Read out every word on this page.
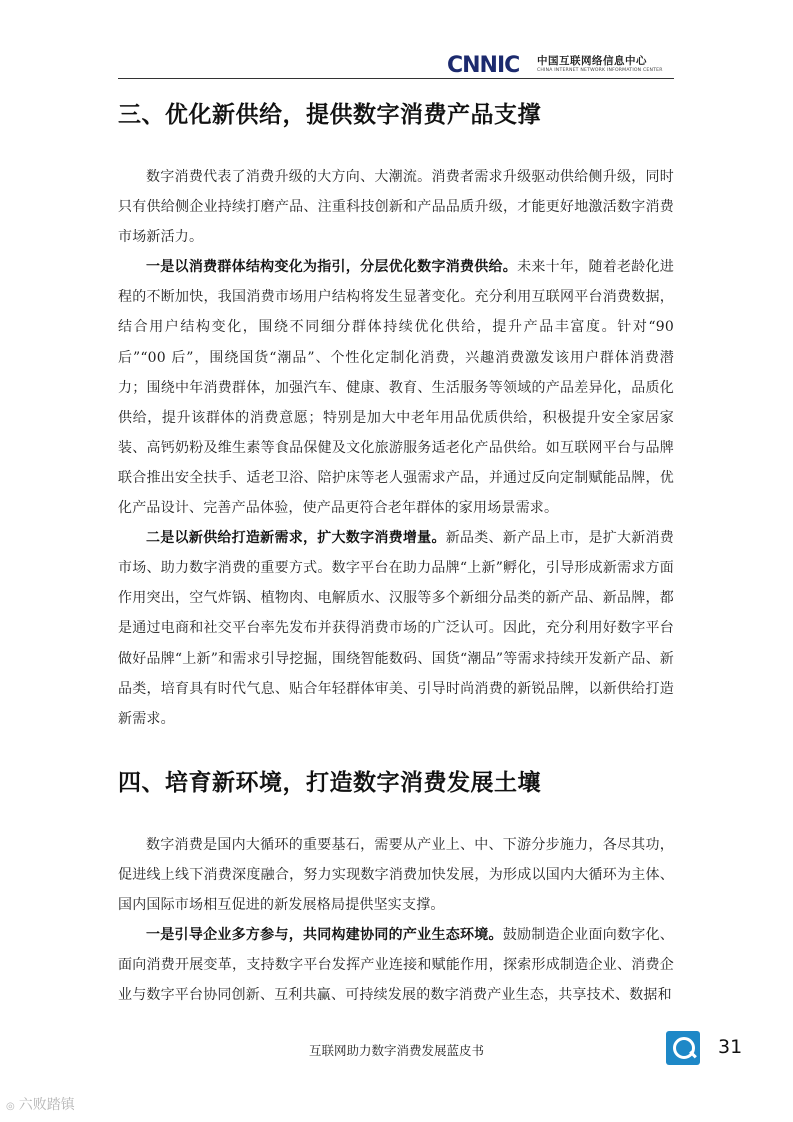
CNNIC 中国互联网络信息中心
CHINA INTERNET NETWORK INFORMATION CENTER
三、优化新供给，提供数字消费产品支撑

数字消费代表了消费升级的大方向、大潮流。消费者需求升级驱动供给侧升级，同时只有供给侧企业持续打磨产品、注重科技创新和产品品质升级，才能更好地激活数字消费市场新活力。

一是以消费群体结构变化为指引，分层优化数字消费供给。未来十年，随着老龄化进程的不断加快，我国消费市场用户结构将发生显著变化。充分利用互联网平台消费数据，结合用户结构变化，围绕不同细分群体持续优化供给，提升产品丰富度。针对“90 后”“00 后”，围绕国货“潮品”、个性化定制化消费，兴趣消费激发该用户群体消费潜力；围绕中年消费群体，加强汽车、健康、教育、生活服务等领域的产品差异化，品质化供给，提升该群体的消费意愿；特别是加大中老年用品优质供给，积极提升安全家居家装、高钙奶粉及维生素等食品保健及文化旅游服务适老化产品供给。如互联网平台与品牌联合推出安全扶手、适老卫浴、陪护床等老人强需求产品，并通过反向定制赋能品牌，优化产品设计、完善产品体验，使产品更符合老年群体的家用场景需求。

二是以新供给打造新需求，扩大数字消费增量。新品类、新产品上市，是扩大新消费市场、助力数字消费的重要方式。数字平台在助力品牌“上新”孵化，引导形成新需求方面作用突出，空气炸锅、植物肉、电解质水、汉服等多个新细分品类的新产品、新品牌，都是通过电商和社交平台率先发布并获得消费市场的广泛认可。因此，充分利用好数字平台做好品牌“上新”和需求引导挖掘，围绕智能数码、国货“潮品”等需求持续开发新产品、新品类，培育具有时代气息、贴合年轻群体审美、引导时尚消费的新锐品牌，以新供给打造新需求。

四、培育新环境，打造数字消费发展土壤

数字消费是国内大循环的重要基石，需要从产业上、中、下游分步施力，各尽其功，促进线上线下消费深度融合，努力实现数字消费加快发展，为形成以国内大循环为主体、国内国际市场相互促进的新发展格局提供坚实支撑。

一是引导企业多方参与，共同构建协同的产业生态环境。鼓励制造企业面向数字化、面向消费开展变革，支持数字平台发挥产业连接和赋能作用，探索形成制造企业、消费企业与数字平台协同创新、互利共赢、可持续发展的数字消费产业生态，共享技术、数据和

互联网助力数字消费发展蓝皮书	31
◎ 六败踏镇
